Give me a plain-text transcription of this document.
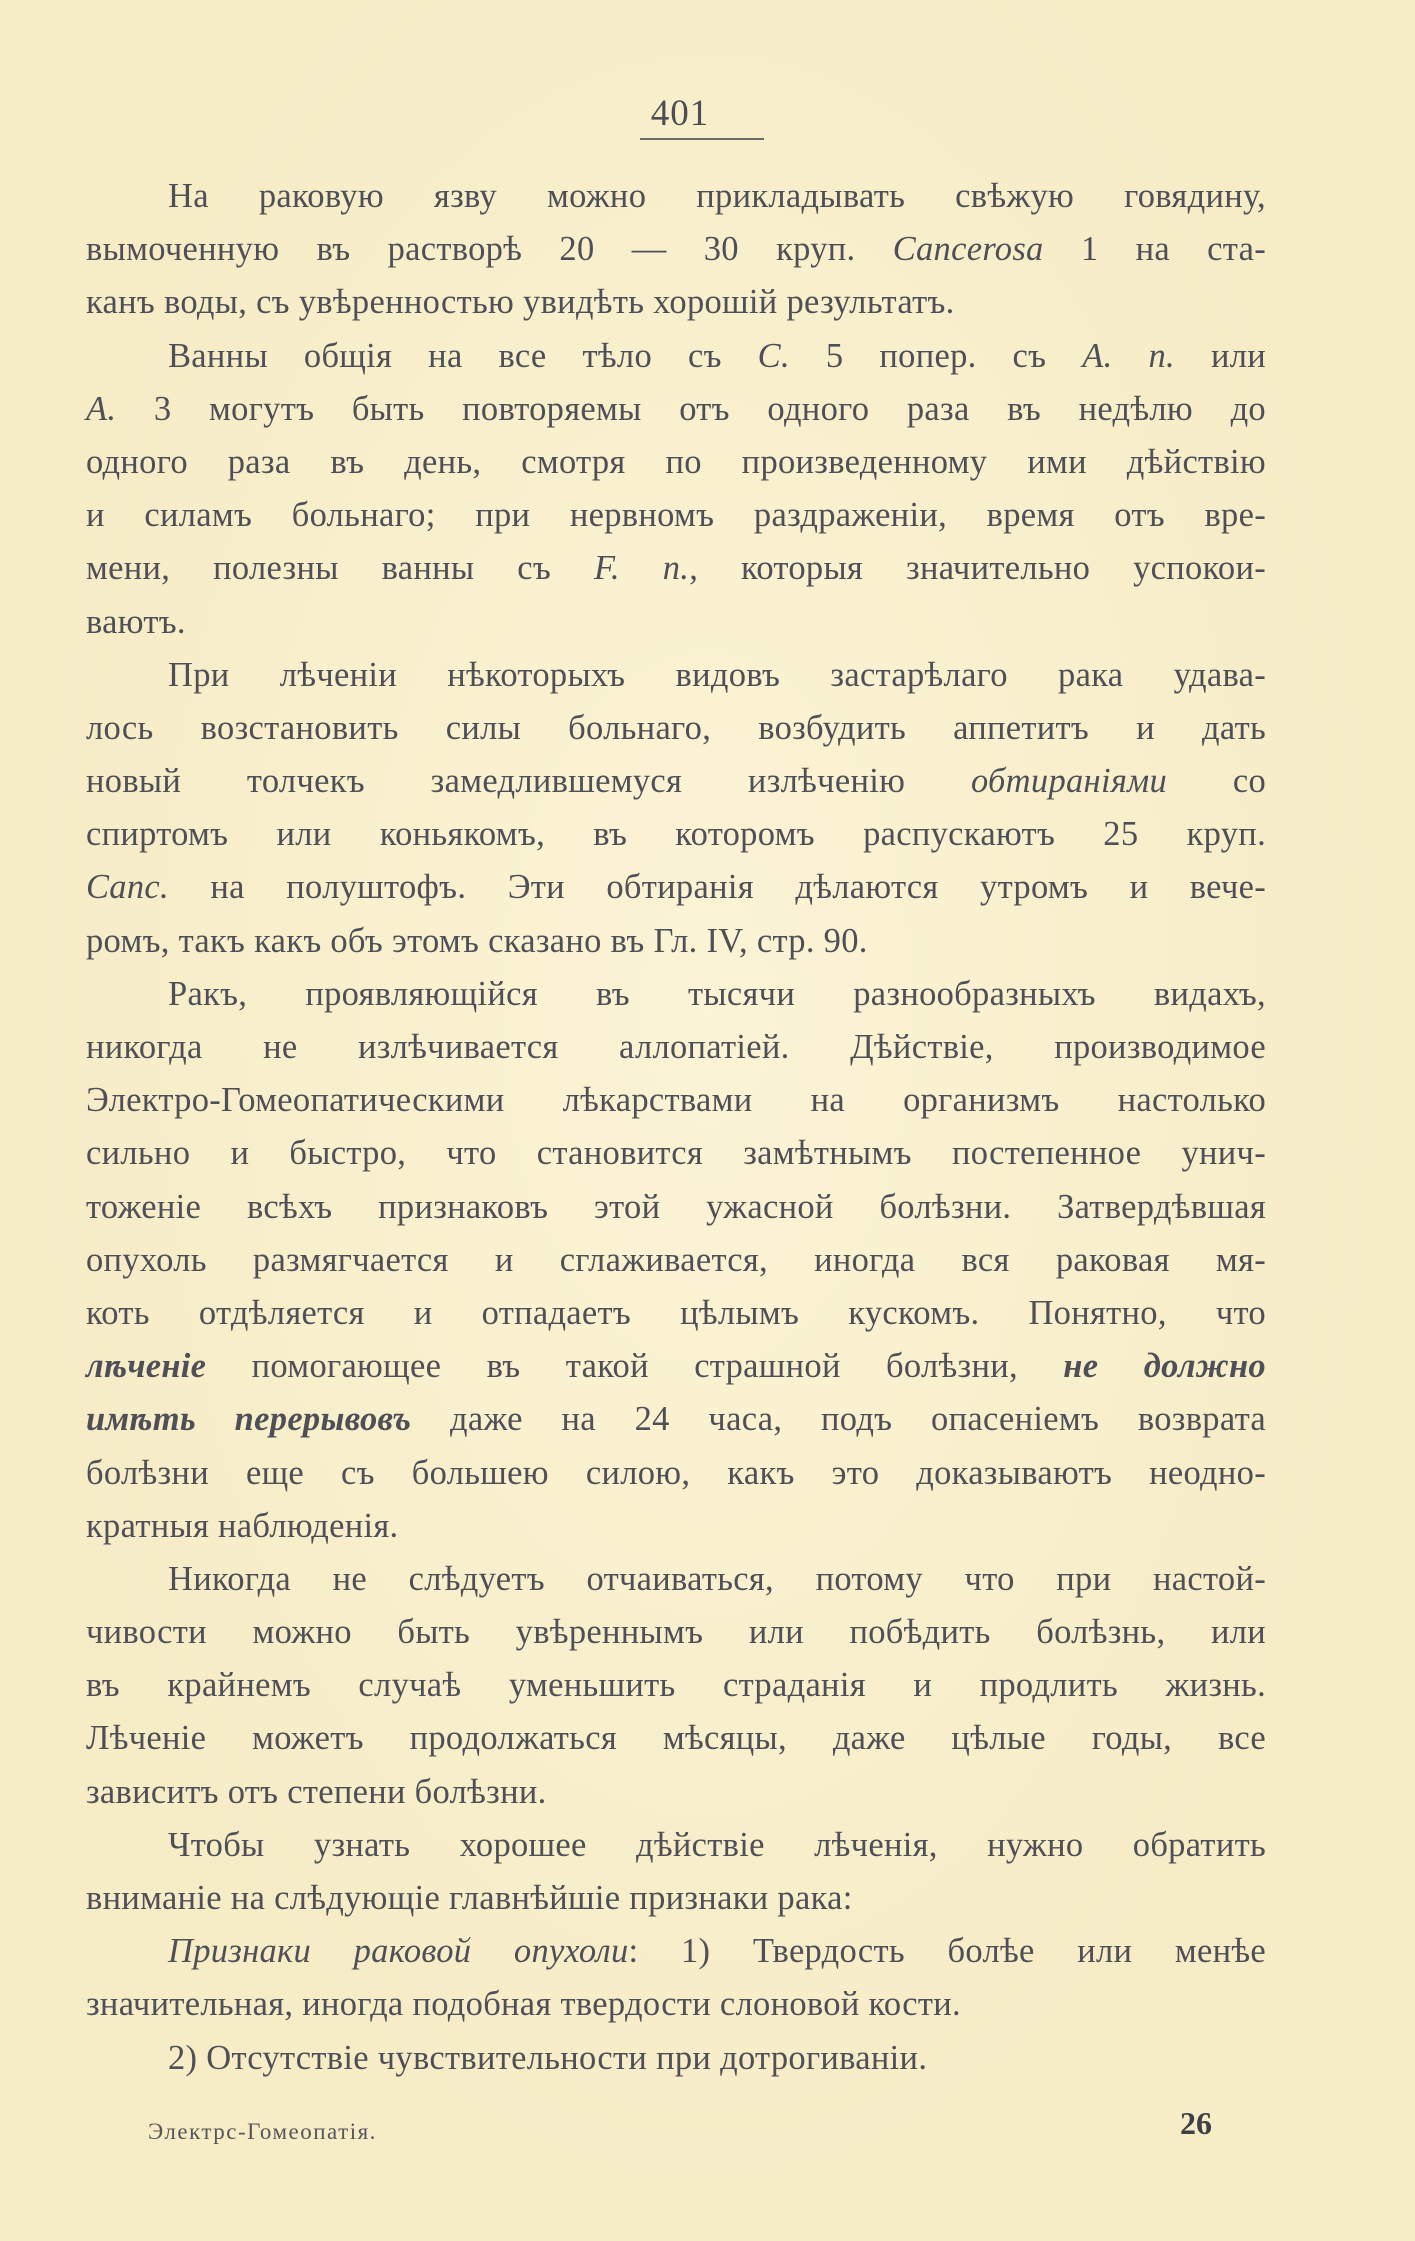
401
На раковую язву можно прикладывать свѣжую говядину,
вымоченную въ растворѣ 20 — 30 круп. Cancerosa 1 на ста-
канъ воды, съ увѣренностью увидѣть хорошій результатъ.
Ванны общія на все тѣло съ C. 5 попер. съ A. n. или
A. 3 могутъ быть повторяемы отъ одного раза въ недѣлю до
одного раза въ день, смотря по произведенному ими дѣйствію
и силамъ больнаго; при нервномъ раздраженіи, время отъ вре-
мени, полезны ванны съ F. n., которыя значительно успокои-
ваютъ.
При лѣченіи нѣкоторыхъ видовъ застарѣлаго рака удава-
лось возстановить силы больнаго, возбудить аппетитъ и дать
новый толчекъ замедлившемуся излѣченію обтираніями со
спиртомъ или коньякомъ, въ которомъ распускаютъ 25 круп.
Canc. на полуштофъ. Эти обтиранія дѣлаются утромъ и вече-
ромъ, такъ какъ объ этомъ сказано въ Гл. IV, стр. 90.
Ракъ, проявляющійся въ тысячи разнообразныхъ видахъ,
никогда не излѣчивается аллопатіей. Дѣйствіе, производимое
Электро-Гомеопатическими лѣкарствами на организмъ настолько
сильно и быстро, что становится замѣтнымъ постепенное унич-
тоженіе всѣхъ признаковъ этой ужасной болѣзни. Затвердѣвшая
опухоль размягчается и сглаживается, иногда вся раковая мя-
коть отдѣляется и отпадаетъ цѣлымъ кускомъ. Понятно, что
лѣченіе помогающее въ такой страшной болѣзни, не должно
имѣть перерывовъ даже на 24 часа, подъ опасеніемъ возврата
болѣзни еще съ большею силою, какъ это доказываютъ неодно-
кратныя наблюденія.
Никогда не слѣдуетъ отчаиваться, потому что при настой-
чивости можно быть увѣреннымъ или побѣдить болѣзнь, или
въ крайнемъ случаѣ уменьшить страданія и продлить жизнь.
Лѣченіе можетъ продолжаться мѣсяцы, даже цѣлые годы, все
зависитъ отъ степени болѣзни.
Чтобы узнать хорошее дѣйствіе лѣченія, нужно обратить
вниманіе на слѣдующіе главнѣйшіе признаки рака:
Признаки раковой опухоли: 1) Твердость болѣе или менѣе
значительная, иногда подобная твердости слоновой кости.
2) Отсутствіе чувствительности при дотрогиваніи.
Электрс-Гомеопатія.	26
